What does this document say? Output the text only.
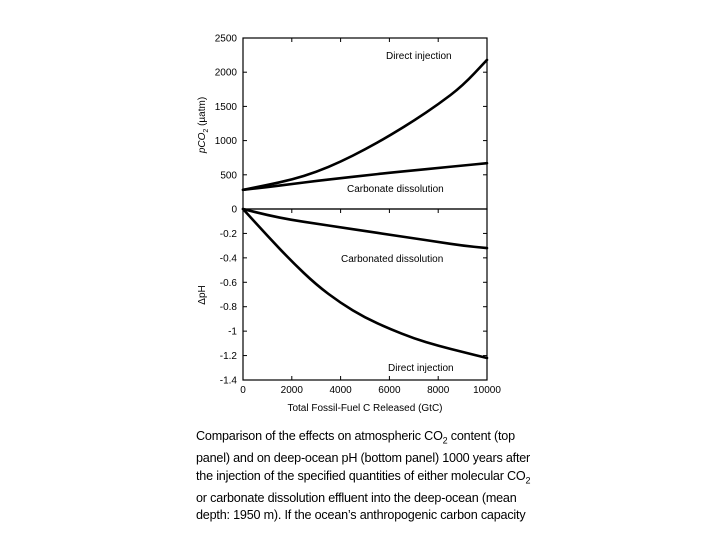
500
1000
1500
2000
2500
0
-0.2
-0.4
-0.6
-0.8
-1
-1.2
-1.4
0	2000	4000	6000	8000 10000
pCO$_2$ (µatm)
ΔpH
Total Fossil-Fuel C Released (GtC)
Direct injection
Carbonate dissolution
Carbonated dissolution
Direct injection

Comparison of the effects on atmospheric $CO_2$ content (top

panel) and on deep-ocean pH (bottom panel) 1000 years after

the injection of the specified quantities of either molecular $CO_2$

or carbonate dissolution effluent into the deep-ocean (mean

depth: 1950 m). If the ocean’s anthropogenic carbon capacity
